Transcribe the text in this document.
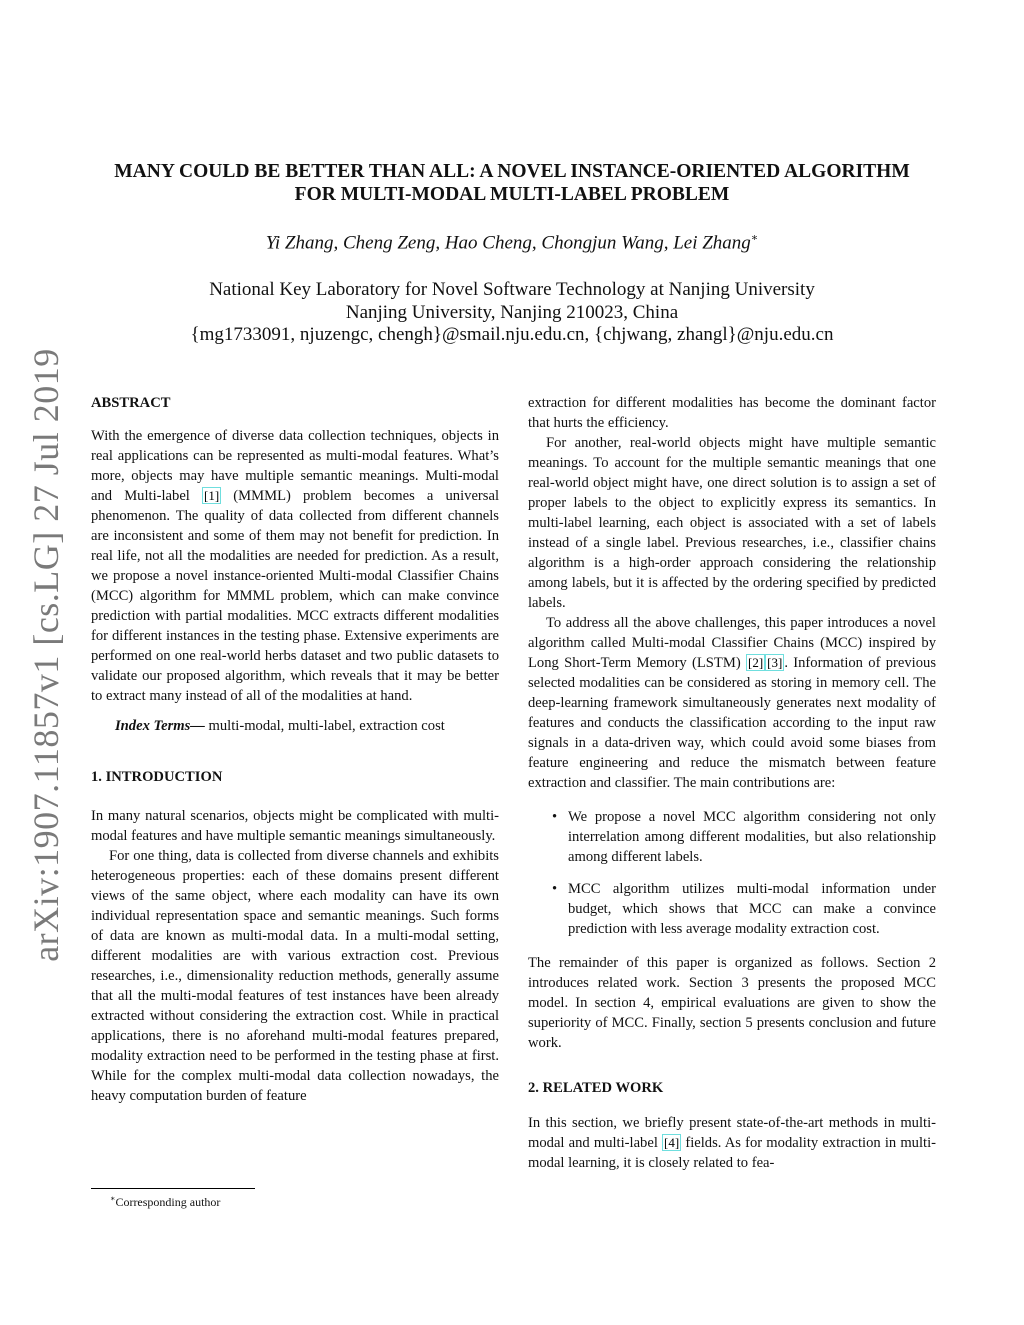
arXiv:1907.11857v1 [cs.LG] 27 Jul 2019
MANY COULD BE BETTER THAN ALL: A NOVEL INSTANCE-ORIENTED ALGORITHM
FOR MULTI-MODAL MULTI-LABEL PROBLEM
Yi Zhang, Cheng Zeng, Hao Cheng, Chongjun Wang, Lei Zhang∗
National Key Laboratory for Novel Software Technology at Nanjing University
Nanjing University, Nanjing 210023, China
{mg1733091, njuzengc, chengh}@smail.nju.edu.cn, {chjwang, zhangl}@nju.edu.cn

ABSTRACT

With the emergence of diverse data collection techniques, objects in real applications can be represented as multi-modal features. What’s more, objects may have multiple semantic meanings. Multi-modal and Multi-label [1] (MMML) problem becomes a universal phenomenon. The quality of data collected from different channels are inconsistent and some of them may not benefit for prediction. In real life, not all the modalities are needed for prediction. As a result, we propose a novel instance-oriented Multi-modal Classifier Chains (MCC) algorithm for MMML problem, which can make convince prediction with partial modalities. MCC extracts different modalities for different instances in the testing phase. Extensive experiments are performed on one real-world herbs dataset and two public datasets to validate our proposed algorithm, which reveals that it may be better to extract many instead of all of the modalities at hand.

Index Terms— multi-modal, multi-label, extraction cost

1. INTRODUCTION

In many natural scenarios, objects might be complicated with multi-modal features and have multiple semantic meanings simultaneously.

For one thing, data is collected from diverse channels and exhibits heterogeneous properties: each of these domains present different views of the same object, where each modality can have its own individual representation space and semantic meanings. Such forms of data are known as multi-modal data. In a multi-modal setting, different modalities are with various extraction cost. Previous researches, i.e., dimensionality reduction methods, generally assume that all the multi-modal features of test instances have been already extracted without considering the extraction cost. While in practical applications, there is no aforehand multi-modal features prepared, modality extraction need to be performed in the testing phase at first. While for the complex multi-modal data collection nowadays, the heavy computation burden of feature

extraction for different modalities has become the dominant factor that hurts the efficiency.

For another, real-world objects might have multiple semantic meanings. To account for the multiple semantic meanings that one real-world object might have, one direct solution is to assign a set of proper labels to the object to explicitly express its semantics. In multi-label learning, each object is associated with a set of labels instead of a single label. Previous researches, i.e., classifier chains algorithm is a high-order approach considering the relationship among labels, but it is affected by the ordering specified by predicted labels.

To address all the above challenges, this paper introduces a novel algorithm called Multi-modal Classifier Chains (MCC) inspired by Long Short-Term Memory (LSTM) [2] [3] . Information of previous selected modalities can be considered as storing in memory cell. The deep-learning framework simultaneously generates next modality of features and conducts the classification according to the input raw signals in a data-driven way, which could avoid some biases from feature engineering and reduce the mismatch between feature extraction and classifier. The main contributions are:

• We propose a novel MCC algorithm considering not only interrelation among different modalities, but also relationship among different labels.
• MCC algorithm utilizes multi-modal information under budget, which shows that MCC can make a convince prediction with less average modality extraction cost.

The remainder of this paper is organized as follows. Section 2 introduces related work. Section 3 presents the proposed MCC model. In section 4, empirical evaluations are given to show the superiority of MCC. Finally, section 5 presents conclusion and future work.

2. RELATED WORK

In this section, we briefly present state-of-the-art methods in multi-modal and multi-label [4] fields. As for modality extraction in multi-modal learning, it is closely related to fea-

∗Corresponding author
